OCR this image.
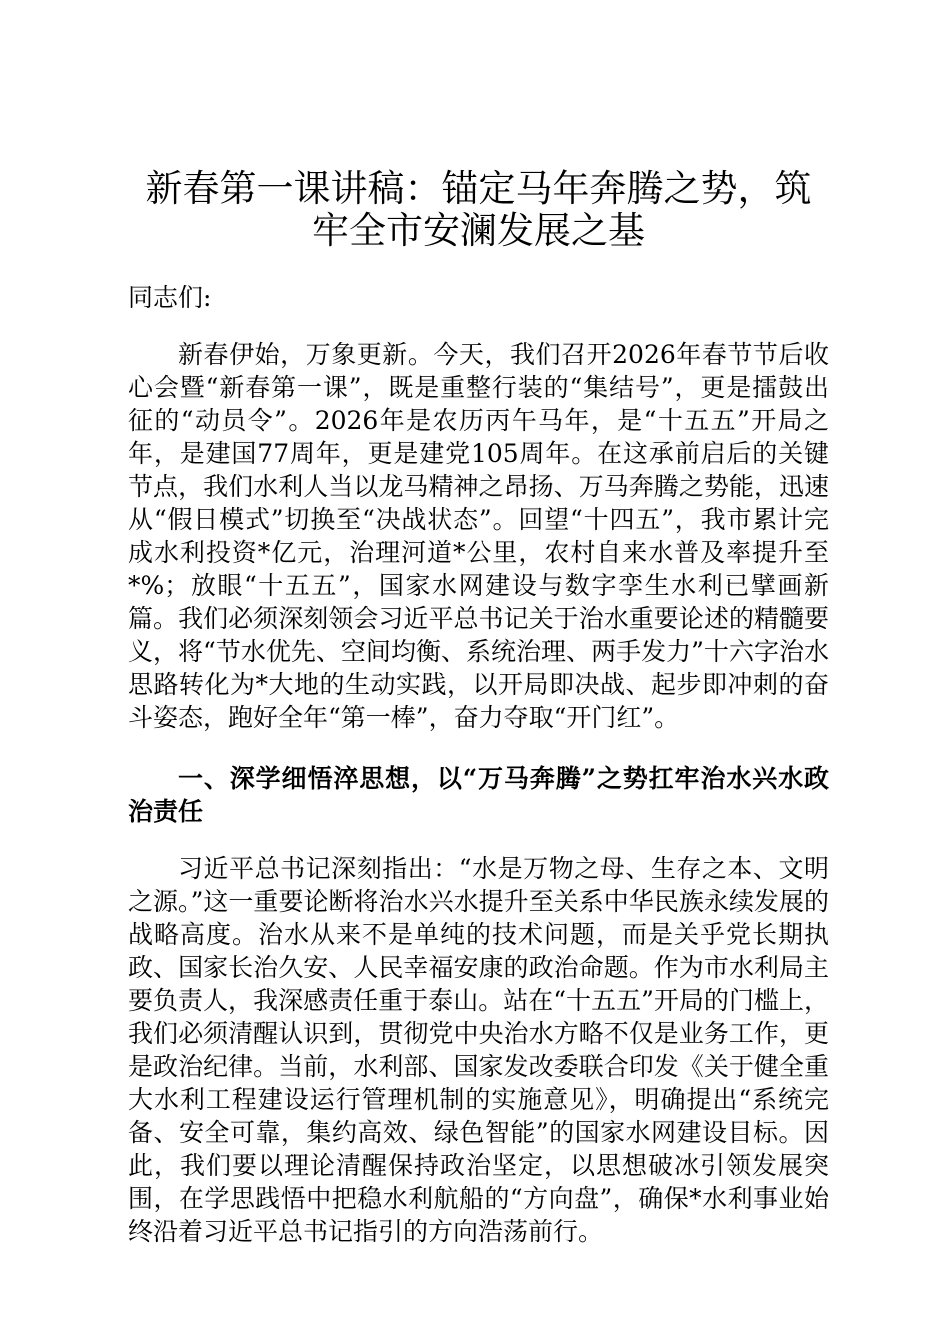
新春第一课讲稿：锚定马年奔腾之势，筑牢全市安澜发展之基

同志们:

新春伊始，万象更新。今天，我们召开2026年春节节后收心会暨“新春第一课”，既是重整行装的“集结号”，更是擂鼓出征的“动员令”。2026年是农历丙午马年，是“十五五”开局之年，是建国77周年，更是建党105周年。在这承前启后的关键节点，我们水利人当以龙马精神之昂扬、万马奔腾之势能，迅速从“假日模式”切换至“决战状态”。回望“十四五”，我市累计完成水利投资*亿元，治理河道*公里，农村自来水普及率提升至*%；放眼“十五五”，国家水网建设与数字孪生水利已擘画新篇。我们必须深刻领会习近平总书记关于治水重要论述的精髓要义，将“节水优先、空间均衡、系统治理、两手发力”十六字治水思路转化为*大地的生动实践，以开局即决战、起步即冲刺的奋斗姿态，跑好全年“第一棒”，奋力夺取“开门红”。

一、深学细悟淬思想，以“万马奔腾”之势扛牢治水兴水政治责任

习近平总书记深刻指出：“水是万物之母、生存之本、文明之源。”这一重要论断将治水兴水提升至关系中华民族永续发展的战略高度。治水从来不是单纯的技术问题，而是关乎党长期执政、国家长治久安、人民幸福安康的政治命题。作为市水利局主要负责人，我深感责任重于泰山。站在“十五五”开局的门槛上，我们必须清醒认识到，贯彻党中央治水方略不仅是业务工作，更是政治纪律。当前，水利部、国家发改委联合印发《关于健全重大水利工程建设运行管理机制的实施意见》，明确提出“系统完备、安全可靠，集约高效、绿色智能”的国家水网建设目标。因此，我们要以理论清醒保持政治坚定，以思想破冰引领发展突围，在学思践悟中把稳水利航船的“方向盘”，确保*水利事业始终沿着习近平总书记指引的方向浩荡前行。
